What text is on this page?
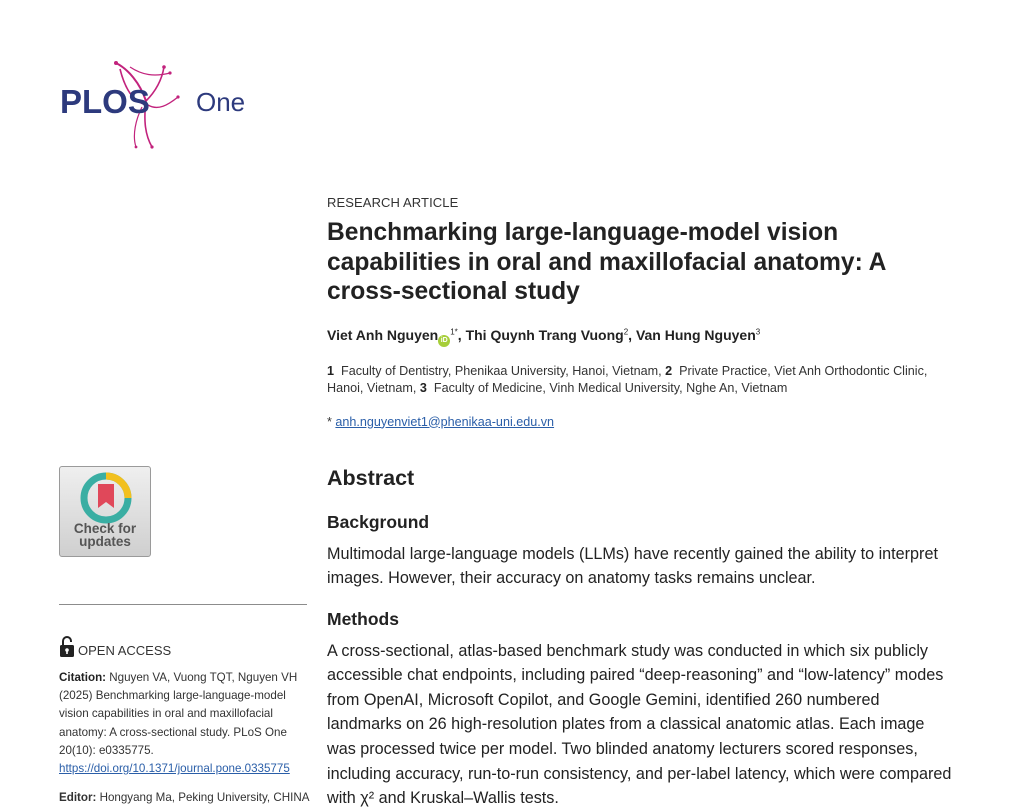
PLOS One
Check for
updates
OPEN ACCESS
Citation: Nguyen VA, Vuong TQT, Nguyen VH (2025) Benchmarking large-language-model vision capabilities in oral and maxillofacial anatomy: A cross-sectional study. PLoS One 20(10): e0335775. https://doi.org/10.1371/journal.pone.0335775
Editor: Hongyang Ma, Peking University, CHINA
RESEARCH ARTICLE
Benchmarking large-language-model vision capabilities in oral and maxillofacial anatomy: A cross-sectional study
Viet Anh Nguyen $iD^{1*}$, Thi Quynh Trang Vuong$^2$, Van Hung Nguyen$^3$
1 Faculty of Dentistry, Phenikaa University, Hanoi, Vietnam, 2 Private Practice, Viet Anh Orthodontic Clinic, Hanoi, Vietnam, 3 Faculty of Medicine, Vinh Medical University, Nghe An, Vietnam
* anh.nguyenviet1@phenikaa-uni.edu.vn
Abstract
Background
Multimodal large-language models (LLMs) have recently gained the ability to interpret images. However, their accuracy on anatomy tasks remains unclear.
Methods
A cross-sectional, atlas-based benchmark study was conducted in which six publicly accessible chat endpoints, including paired “deep-reasoning” and “low-latency” modes from OpenAI, Microsoft Copilot, and Google Gemini, identified 260 numbered landmarks on 26 high-resolution plates from a classical anatomic atlas. Each image was processed twice per model. Two blinded anatomy lecturers scored responses, including accuracy, run-to-run consistency, and per-label latency, which were compared with χ² and Kruskal–Wallis tests.
